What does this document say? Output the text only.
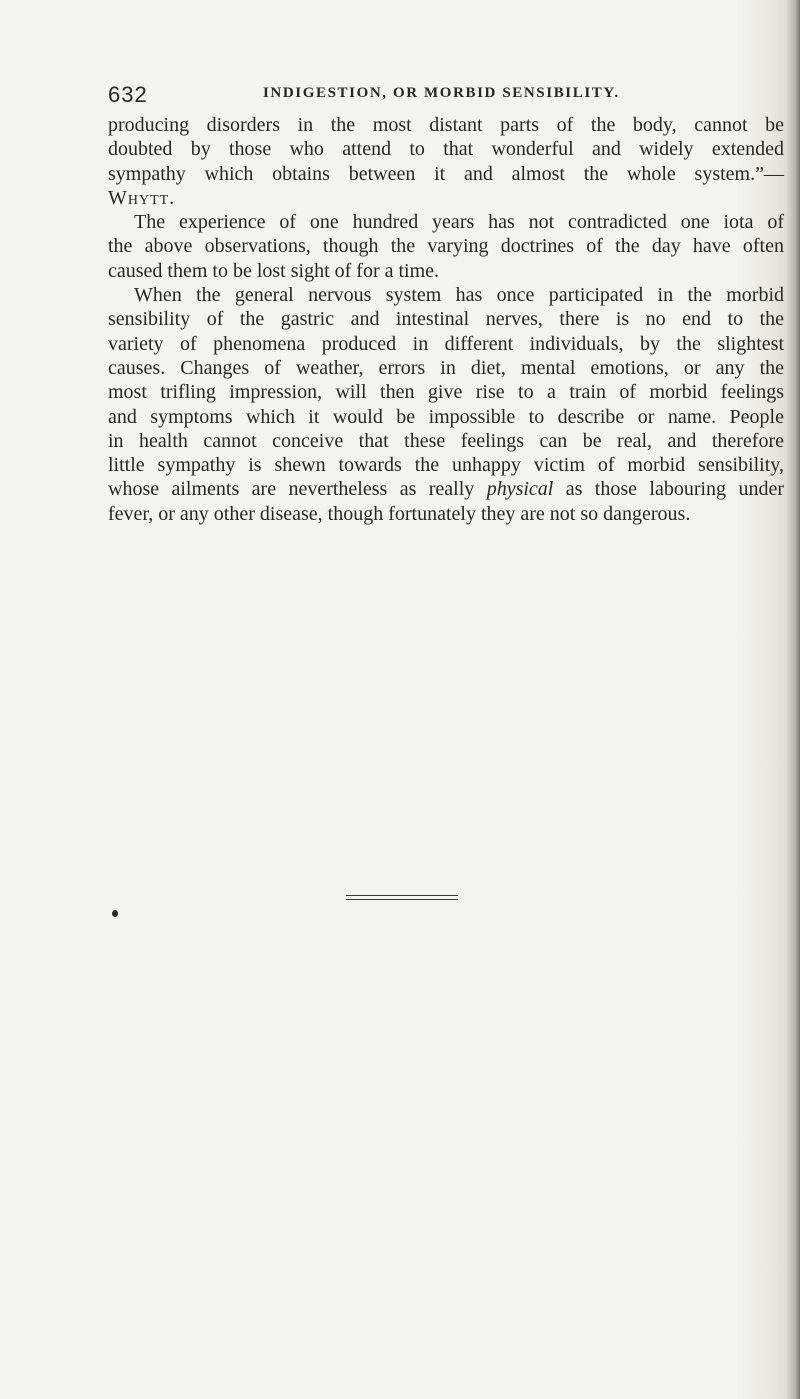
632	INDIGESTION, OR MORBID SENSIBILITY.
producing disorders in the most distant parts of the body, cannot be
doubted by those who attend to that wonderful and widely extended
sympathy which obtains between it and almost the whole system.”—
Whytt.
The experience of one hundred years has not contradicted one iota of
the above observations, though the varying doctrines of the day have often
caused them to be lost sight of for a time.
When the general nervous system has once participated in the morbid
sensibility of the gastric and intestinal nerves, there is no end to the
variety of phenomena produced in different individuals, by the slightest
causes. Changes of weather, errors in diet, mental emotions, or any the
most trifling impression, will then give rise to a train of morbid feelings
and symptoms which it would be impossible to describe or name. People
in health cannot conceive that these feelings can be real, and therefore
little sympathy is shewn towards the unhappy victim of morbid sensibility,
whose ailments are nevertheless as really physical as those labouring under
fever, or any other disease, though fortunately they are not so dangerous.
